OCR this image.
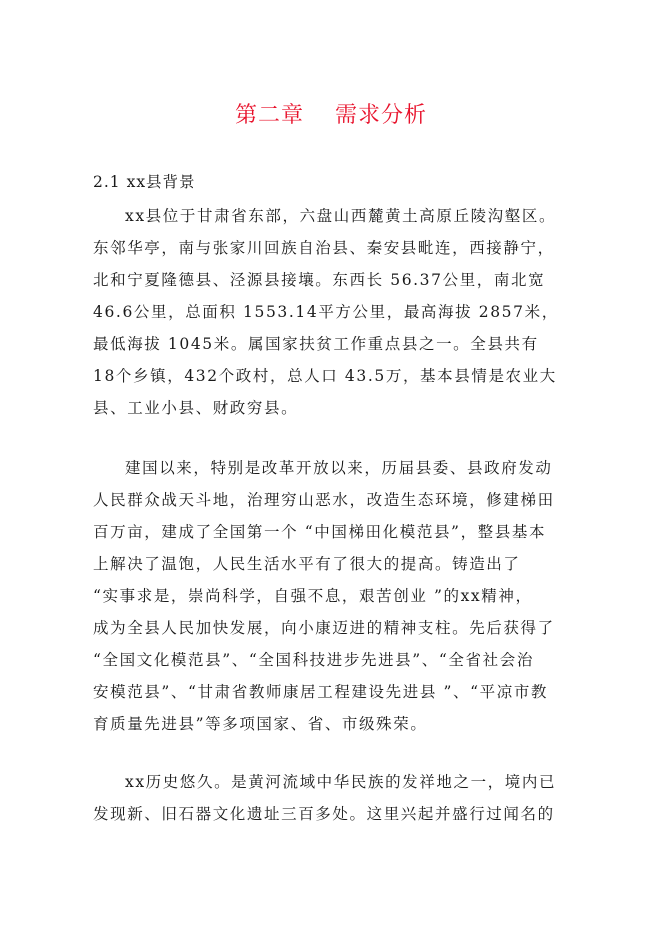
第二章　 需求分析
2.1 xx县背景
xx县位于甘肃省东部，六盘山西麓黄土高原丘陵沟壑区。
东邻华亭，南与张家川回族自治县、秦安县毗连，西接静宁，
北和宁夏隆德县、泾源县接壤。东西长 56.37公里，南北宽
46.6公里，总面积 1553.14平方公里，最高海拔 2857米，
最低海拔 1045米。属国家扶贫工作重点县之一。全县共有
18个乡镇，432个政村，总人口 43.5万，基本县情是农业大
县、工业小县、财政穷县。
建国以来，特别是改革开放以来，历届县委、县政府发动
人民群众战天斗地，治理穷山恶水，改造生态环境，修建梯田
百万亩，建成了全国第一个 “中国梯田化模范县”，整县基本
上解决了温饱，人民生活水平有了很大的提高。铸造出了
“实事求是，崇尚科学，自强不息，艰苦创业 ”的xx精神，
成为全县人民加快发展，向小康迈进的精神支柱。先后获得了
“全国文化模范县”、“全国科技进步先进县”、“全省社会治
安模范县”、“甘肃省教师康居工程建设先进县 ”、“平凉市教
育质量先进县”等多项国家、省、市级殊荣。
xx历史悠久。是黄河流域中华民族的发祥地之一，境内已
发现新、旧石器文化遗址三百多处。这里兴起并盛行过闻名的
